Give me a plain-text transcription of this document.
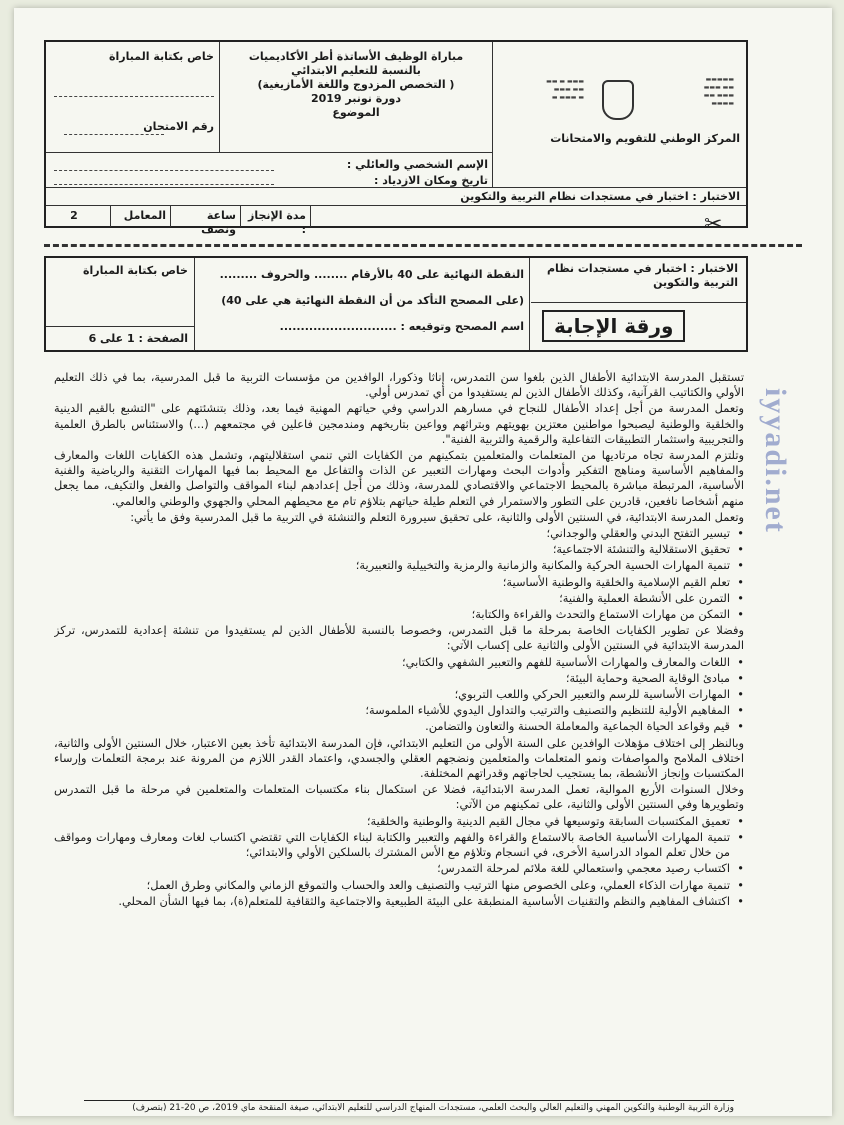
خاص بكتابة المباراة
رقم الامتحان
مباراة الوظيف الأساتذة أطر الأكاديميات
بالنسبة للتعليم الابتدائي
( التخصص المزدوج واللغة الأمازيغية)
دورة نونبر 2019
الموضوع
▬▬▬ ▬ ▬▬
▬▬ ▬▬▬
▬ ▬▬▬ ▬
▬▬▬▬▬
▬▬ ▬▬▬
▬▬▬ ▬▬
▬▬▬▬
المركز الوطني للتقويم والامتحانات
الإسم الشخصي والعائلي :
تاريخ ومكان الازدياد :
الاختبار : اختبار في مستجدات نظام التربية والتكوين
مدة الإنجاز :
ساعة ونصف
المعامل
2	✂
خاص بكتابة المباراة
الصفحة : 1 على 6
النقطة النهائية على 40 بالأرقام ........ والحروف .........
(على المصحح التأكد من أن النقطة النهائية هي على 40)
اسم المصحح وتوقيعه : ............................
الاختبار : اختبار في مستجدات نظام التربية والتكوين
ورقة الإجابة

تستقبل المدرسة الابتدائية الأطفال الذين بلغوا سن التمدرس، إناثا وذكورا، الوافدين من مؤسسات التربية ما قبل المدرسية، بما في ذلك التعليم الأولي والكتاتيب القرآنية، وكذلك الأطفال الذين لم يستفيدوا من أي تمدرس أولي.

وتعمل المدرسة من أجل إعداد الأطفال للنجاح في مسارهم الدراسي وفي حياتهم المهنية فيما بعد، وذلك بتنشئتهم على "التشبع بالقيم الدينية والخلقية والوطنية ليصبحوا مواطنين معتزين بهويتهم وبتراثهم وواعين بتاريخهم ومندمجين فاعلين في مجتمعهم (...) والاستئناس بالطرق العلمية والتجريبية واستثمار التطبيقات التفاعلية والرقمية والتربية الفنية".

وتلتزم المدرسة تجاه مرتاديها من المتعلمات والمتعلمين بتمكينهم من الكفايات التي تنمي استقلاليتهم، وتشمل هذه الكفايات اللغات والمعارف والمفاهيم الأساسية ومناهج التفكير وأدوات البحث ومهارات التعبير عن الذات والتفاعل مع المحيط بما فيها المهارات التقنية والرياضية والفنية الأساسية، المرتبطة مباشرة بالمحيط الاجتماعي والاقتصادي للمدرسة، وذلك من أجل إعدادهم لبناء المواقف والتواصل والفعل والتكيف، مما يجعل منهم أشخاصا نافعين، قادرين على التطور والاستمرار في التعلم طيلة حياتهم بتلاؤم تام مع محيطهم المحلي والجهوي والوطني والعالمي.

وتعمل المدرسة الابتدائية، في السنتين الأولى والثانية، على تحقيق سيرورة التعلم والتنشئة في التربية ما قبل المدرسية وفق ما يأتي:

• تيسير التفتح البدني والعقلي والوجداني؛

• تحقيق الاستقلالية والتنشئة الاجتماعية؛

• تنمية المهارات الحسية الحركية والمكانية والزمانية والرمزية والتخييلية والتعبيرية؛

• تعلم القيم الإسلامية والخلقية والوطنية الأساسية؛

• التمرن على الأنشطة العملية والفنية؛

• التمكن من مهارات الاستماع والتحدث والقراءة والكتابة؛

وفضلا عن تطوير الكفايات الخاصة بمرحلة ما قبل التمدرس، وخصوصا بالنسبة للأطفال الذين لم يستفيدوا من تنشئة إعدادية للتمدرس، تركز المدرسة الابتدائية في السنتين الأولى والثانية على إكساب الآتي:

• اللغات والمعارف والمهارات الأساسية للفهم والتعبير الشفهي والكتابي؛

• مبادئ الوقاية الصحية وحماية البيئة؛

• المهارات الأساسية للرسم والتعبير الحركي واللعب التربوي؛

• المفاهيم الأولية للتنظيم والتصنيف والترتيب والتداول اليدوي للأشياء الملموسة؛

• قيم وقواعد الحياة الجماعية والمعاملة الحسنة والتعاون والتضامن.

وبالنظر إلى اختلاف مؤهلات الوافدين على السنة الأولى من التعليم الابتدائي، فإن المدرسة الابتدائية تأخذ بعين الاعتبار، خلال السنتين الأولى والثانية، اختلاف الملامح والمواصفات ونمو المتعلمات والمتعلمين ونضجهم العقلي والجسدي، واعتماد القدر اللازم من المرونة عند برمجة التعلمات وإرساء المكتسبات وإنجاز الأنشطة، بما يستجيب لحاجاتهم وقدراتهم المختلفة.

وخلال السنوات الأربع الموالية، تعمل المدرسة الابتدائية، فضلا عن استكمال بناء مكتسبات المتعلمات والمتعلمين في مرحلة ما قبل التمدرس وتطويرها وفي السنتين الأولى والثانية، على تمكينهم من الآتي:

• تعميق المكتسبات السابقة وتوسيعها في مجال القيم الدينية والوطنية والخلقية؛

• تنمية المهارات الأساسية الخاصة بالاستماع والقراءة والفهم والتعبير والكتابة لبناء الكفايات التي تقتضي اكتساب لغات ومعارف ومهارات ومواقف من خلال تعلم المواد الدراسية الأخرى، في انسجام وتلاؤم مع الأس المشترك بالسلكين الأولي والابتدائي؛

• اكتساب رصيد معجمي واستعمالي للغة ملائم لمرحلة التمدرس؛

• تنمية مهارات الذكاء العملي، وعلى الخصوص منها الترتيب والتصنيف والعد والحساب والتموقع الزماني والمكاني وطرق العمل؛

• اكتشاف المفاهيم والنظم والتقنيات الأساسية المنطبقة على البيئة الطبيعية والاجتماعية والثقافية للمتعلم(ة)، بما فيها الشأن المحلي.

iyyadi.net
وزارة التربية الوطنية والتكوين المهني والتعليم العالي والبحث العلمي، مستجدات المنهاج الدراسي للتعليم الابتدائي، صيغة المنقحة ماي 2019، ص 20-21 (بتصرف)
